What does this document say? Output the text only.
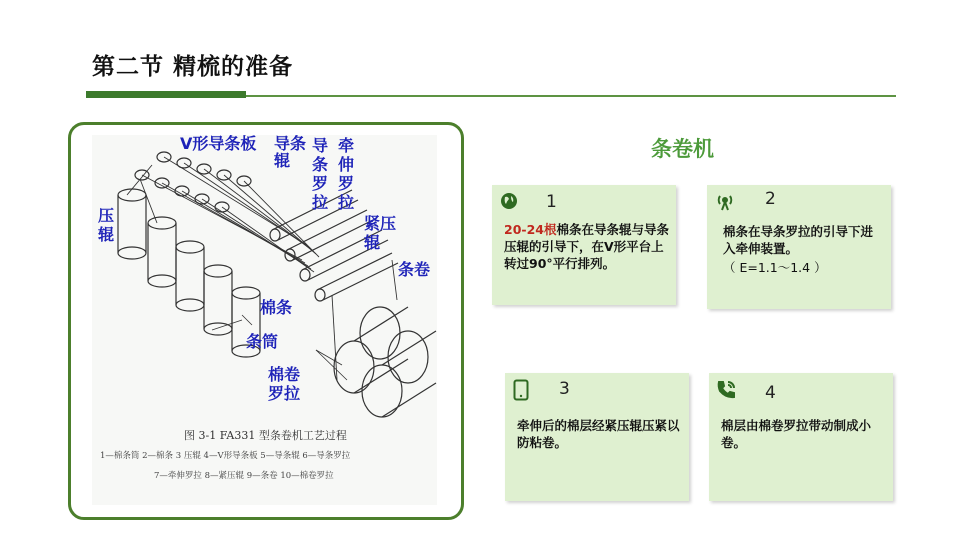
第二节 精梳的准备
V形导条板 导条
辊
导
条
罗
拉
牵
伸
罗
拉
压
辊
紧压
辊
条卷
棉条
条筒
棉卷
罗拉
图 3-1 FA331 型条卷机工艺过程
1—棉条筒 2—棉条 3 压辊 4—V形导条板 5—导条辊 6—导条罗拉
7—牵伸罗拉 8—紧压辊 9—条卷 10—棉卷罗拉
条卷机
1
20-24根棉条在导条辊与导条压辊的引导下，在V形平台上转过90°平行排列。
2
棉条在导条罗拉的引导下进入牵伸装置。
（ E=1.1～1.4 ）
3
牵伸后的棉层经紧压辊压紧以防粘卷。
4
棉层由棉卷罗拉带动制成小卷。
